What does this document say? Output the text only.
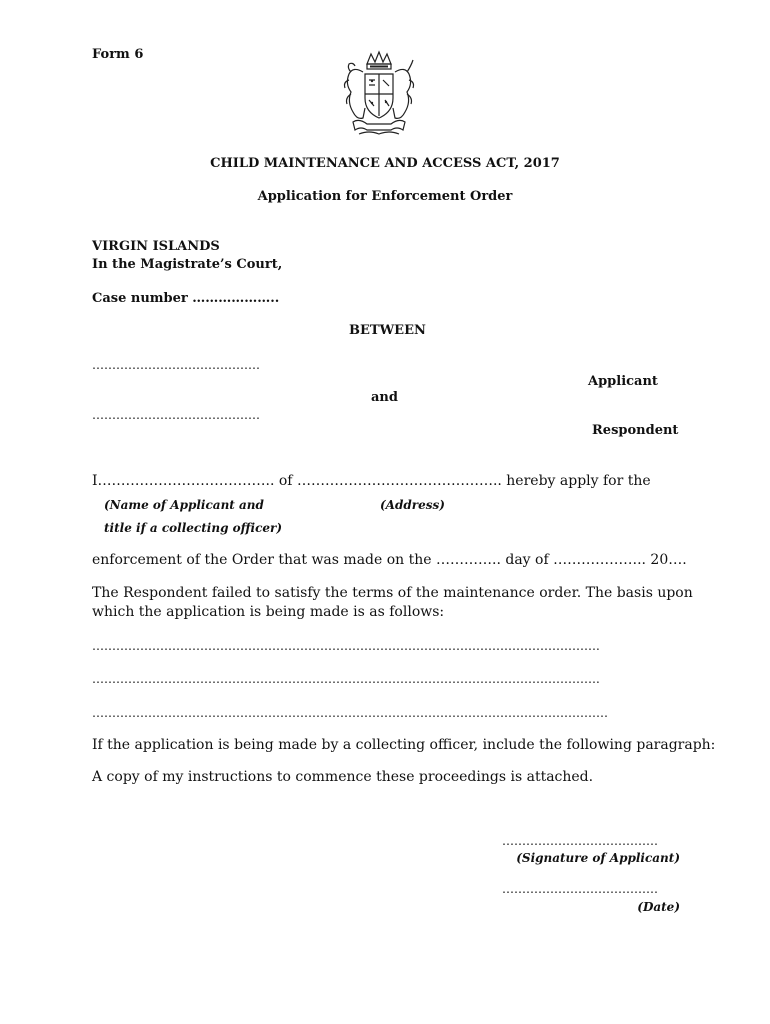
Form 6
CHILD MAINTENANCE AND ACCESS ACT, 2017
Application for Enforcement Order
VIRGIN ISLANDS
In the Magistrate’s Court,
Case number ………………..
BETWEEN
……………………………………
Applicant
and
……………………………………
Respondent
I……………………………….. of …………………………………….. hereby apply for the
(Name of Applicant and	(Address)
title if a collecting officer)
enforcement of the Order that was made on the ………….. day of ……………….. 20….
The Respondent failed to satisfy the terms of the maintenance order. The basis upon
which the application is being made is as follows:
……………………………………………………………………………………………………………….
……………………………………………………………………………………………………………….
…………………………………………………………………………………………………………………
If the application is being made by a collecting officer, include the following paragraph:
A copy of my instructions to commence these proceedings is attached.
…………………………………
(Signature of Applicant)
…………………………………
(Date)
